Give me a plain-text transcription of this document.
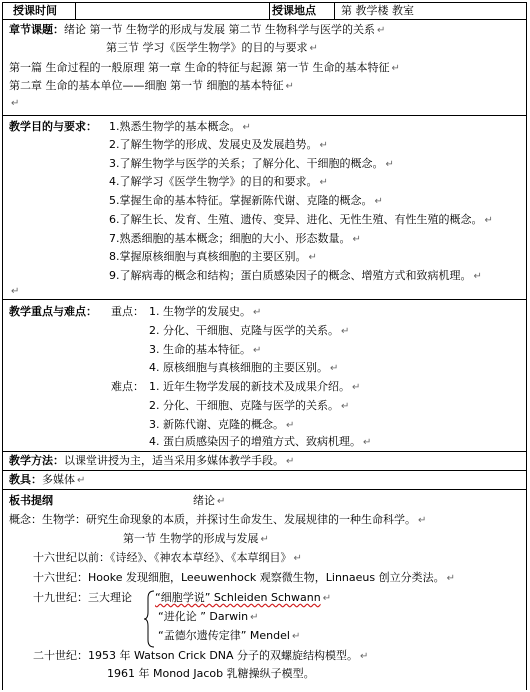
授课时间	授课地点 第 教学楼 教室
章节课题：绪论 第一节 生物学的形成与发展 第二节 生物科学与医学的关系 ↵
第三节 学习《医学生物学》的目的与要求 ↵
第一篇 生命过程的一般原理 第一章 生命的特征与起源 第一节 生命的基本特征 ↵
第二章 生命的基本单位——细胞 第一节 细胞的基本特征 ↵
↵
教学目的与要求： 1.熟悉生物学的基本概念。 ↵
2.了解生物学的形成、发展史及发展趋势。 ↵
3.了解生物学与医学的关系；了解分化、干细胞的概念。 ↵
4.了解学习《医学生物学》的目的和要求。 ↵
5.掌握生命的基本特征。掌握新陈代谢、克隆的概念。 ↵
6.了解生长、发育、生殖、遗传、变异、进化、无性生殖、有性生殖的概念。 ↵
7.熟悉细胞的基本概念；细胞的大小、形态数量。 ↵
8.掌握原核细胞与真核细胞的主要区别。 ↵
9.了解病毒的概念和结构；蛋白质感染因子的概念、增殖方式和致病机理。 ↵
↵
教学重点与难点： 重点： 1. 生物学的发展史。 ↵
2. 分化、干细胞、克隆与医学的关系。 ↵
3. 生命的基本特征。 ↵
4. 原核细胞与真核细胞的主要区别。 ↵
难点： 1. 近年生物学发展的新技术及成果介绍。 ↵
2. 分化、干细胞、克隆与医学的关系。 ↵
3. 新陈代谢、克隆的概念。 ↵
4. 蛋白质感染因子的增殖方式、致病机理。 ↵
教学方法：以课堂讲授为主，适当采用多媒体教学手段。 ↵
教具：多媒体 ↵
板书提纲	绪论 ↵
概念：生物学：研究生命现象的本质，并探讨生命发生、发展规律的一种生命科学。 ↵
第一节 生物学的形成与发展 ↵
十六世纪以前：《诗经》、《神农本草经》、《本草纲目》 ↵
十六世纪：Hooke 发现细胞，Leeuwenhock 观察微生物，Linnaeus 创立分类法。 ↵
十九世纪：三大理论 “细胞学说” Schleiden Schwann ↵
“进化论 ” Darwin ↵
“孟德尔遗传定律” Mendel ↵
二十世纪：1953 年 Watson Crick DNA 分子的双螺旋结构模型。 ↵
1961 年 Monod Jacob 乳糖操纵子模型。
